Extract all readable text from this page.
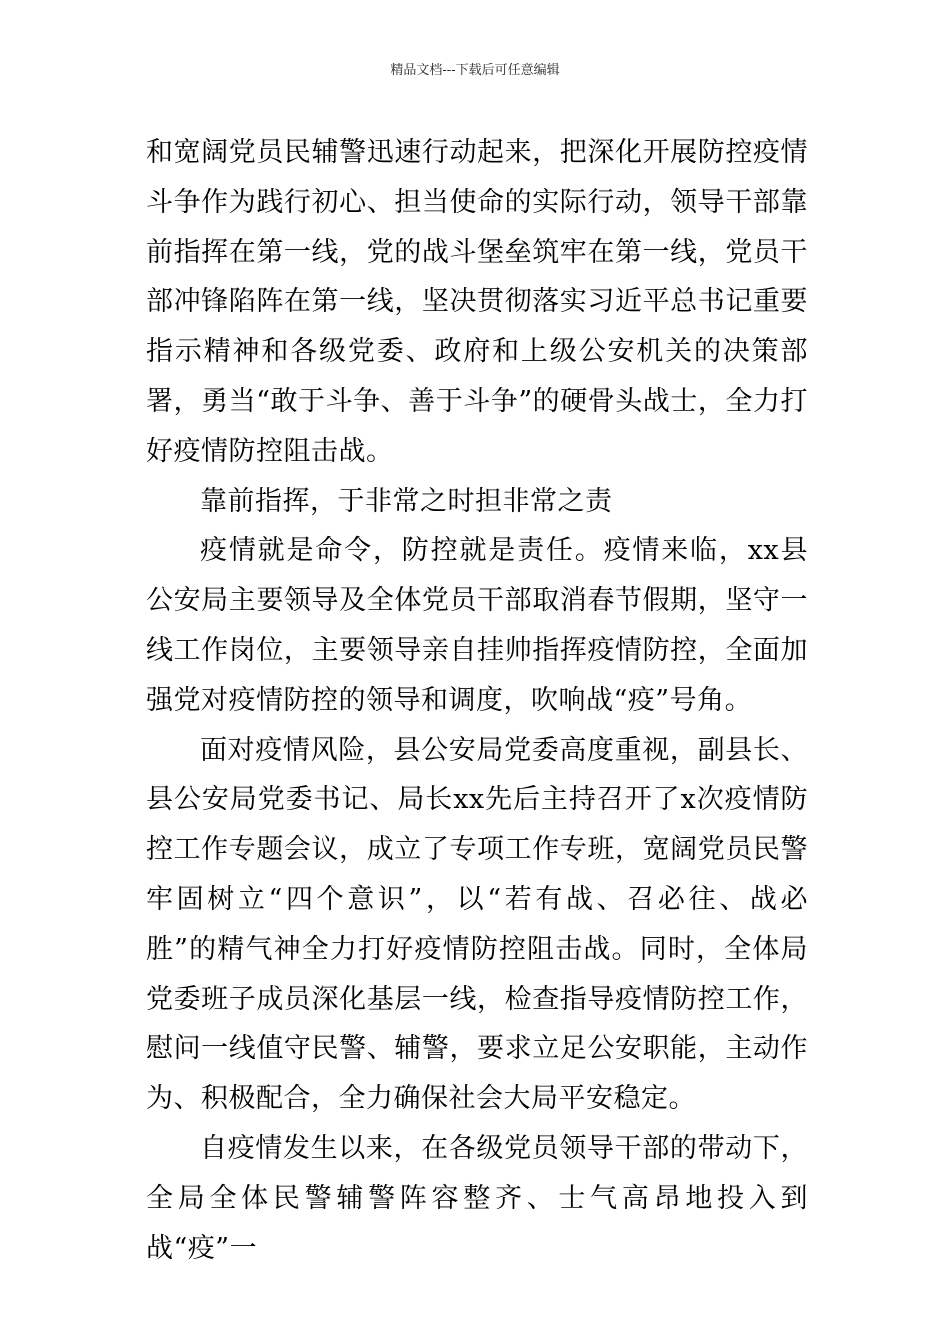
精品文档---下载后可任意编辑

和宽阔党员民辅警迅速行动起来，把深化开展防控疫情斗争作为践行初心、担当使命的实际行动，领导干部靠前指挥在第一线，党的战斗堡垒筑牢在第一线，党员干部冲锋陷阵在第一线，坚决贯彻落实习近平总书记重要指示精神和各级党委、政府和上级公安机关的决策部署，勇当“敢于斗争、善于斗争”的硬骨头战士，全力打好疫情防控阻击战。

靠前指挥，于非常之时担非常之责

疫情就是命令，防控就是责任。疫情来临，xx县公安局主要领导及全体党员干部取消春节假期，坚守一线工作岗位，主要领导亲自挂帅指挥疫情防控，全面加强党对疫情防控的领导和调度，吹响战“疫”号角。

面对疫情风险，县公安局党委高度重视，副县长、县公安局党委书记、局长xx先后主持召开了x次疫情防控工作专题会议，成立了专项工作专班，宽阔党员民警牢固树立“四个意识”，以“若有战、召必往、战必胜”的精气神全力打好疫情防控阻击战。同时，全体局党委班子成员深化基层一线，检查指导疫情防控工作，慰问一线值守民警、辅警，要求立足公安职能，主动作为、积极配合，全力确保社会大局平安稳定。

自疫情发生以来，在各级党员领导干部的带动下，全局全体民警辅警阵容整齐、士气高昂地投入到战“疫”一
